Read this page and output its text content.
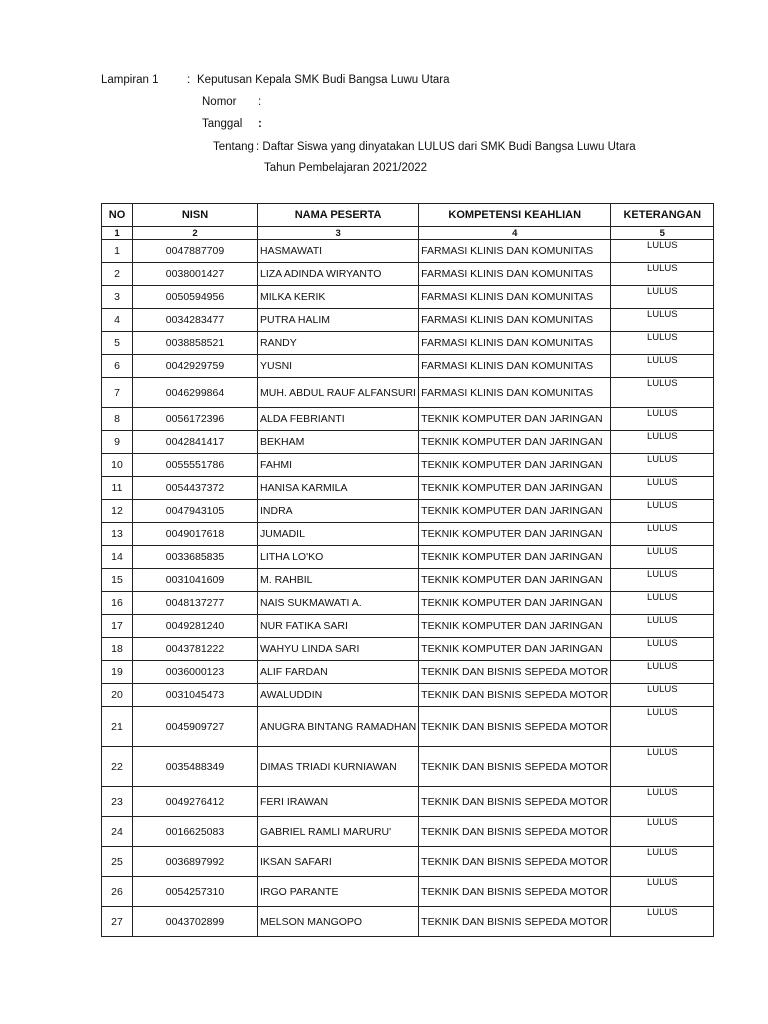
Lampiran 1 : Keputusan Kepala SMK Budi Bangsa Luwu Utara
Nomor :
Tanggal :
Tentang : Daftar Siswa yang dinyatakan LULUS dari SMK Budi Bangsa Luwu Utara
Tahun Pembelajaran 2021/2022
NO	NISN	NAMA PESERTA	KOMPETENSI KEAHLIAN	KETERANGAN
1	2	3	4	5
1	0047887709	HASMAWATI	FARMASI KLINIS DAN KOMUNITAS	LULUS
2	0038001427	LIZA ADINDA WIRYANTO	FARMASI KLINIS DAN KOMUNITAS	LULUS
3	0050594956	MILKA KERIK	FARMASI KLINIS DAN KOMUNITAS	LULUS
4	0034283477	PUTRA HALIM	FARMASI KLINIS DAN KOMUNITAS	LULUS
5	0038858521	RANDY	FARMASI KLINIS DAN KOMUNITAS	LULUS
6	0042929759	YUSNI	FARMASI KLINIS DAN KOMUNITAS	LULUS
7	0046299864	MUH. ABDUL RAUF ALFANSURI	FARMASI KLINIS DAN KOMUNITAS	LULUS
8	0056172396	ALDA FEBRIANTI	TEKNIK KOMPUTER DAN JARINGAN	LULUS
9	0042841417	BEKHAM	TEKNIK KOMPUTER DAN JARINGAN	LULUS
10	0055551786	FAHMI	TEKNIK KOMPUTER DAN JARINGAN	LULUS
11	0054437372	HANISA KARMILA	TEKNIK KOMPUTER DAN JARINGAN	LULUS
12	0047943105	INDRA	TEKNIK KOMPUTER DAN JARINGAN	LULUS
13	0049017618	JUMADIL	TEKNIK KOMPUTER DAN JARINGAN	LULUS
14	0033685835	LITHA LO'KO	TEKNIK KOMPUTER DAN JARINGAN	LULUS
15	0031041609	M. RAHBIL	TEKNIK KOMPUTER DAN JARINGAN	LULUS
16	0048137277	NAIS SUKMAWATI A.	TEKNIK KOMPUTER DAN JARINGAN	LULUS
17	0049281240	NUR FATIKA SARI	TEKNIK KOMPUTER DAN JARINGAN	LULUS
18	0043781222	WAHYU LINDA SARI	TEKNIK KOMPUTER DAN JARINGAN	LULUS
19	0036000123	ALIF FARDAN	TEKNIK DAN BISNIS SEPEDA MOTOR	LULUS
20	0031045473	AWALUDDIN	TEKNIK DAN BISNIS SEPEDA MOTOR	LULUS
21	0045909727	ANUGRA BINTANG RAMADHAN	TEKNIK DAN BISNIS SEPEDA MOTOR	LULUS
22	0035488349	DIMAS TRIADI KURNIAWAN	TEKNIK DAN BISNIS SEPEDA MOTOR	LULUS
23	0049276412	FERI IRAWAN	TEKNIK DAN BISNIS SEPEDA MOTOR	LULUS
24	0016625083	GABRIEL RAMLI MARURU'	TEKNIK DAN BISNIS SEPEDA MOTOR	LULUS
25	0036897992	IKSAN SAFARI	TEKNIK DAN BISNIS SEPEDA MOTOR	LULUS
26	0054257310	IRGO PARANTE	TEKNIK DAN BISNIS SEPEDA MOTOR	LULUS
27	0043702899	MELSON MANGOPO	TEKNIK DAN BISNIS SEPEDA MOTOR	LULUS
